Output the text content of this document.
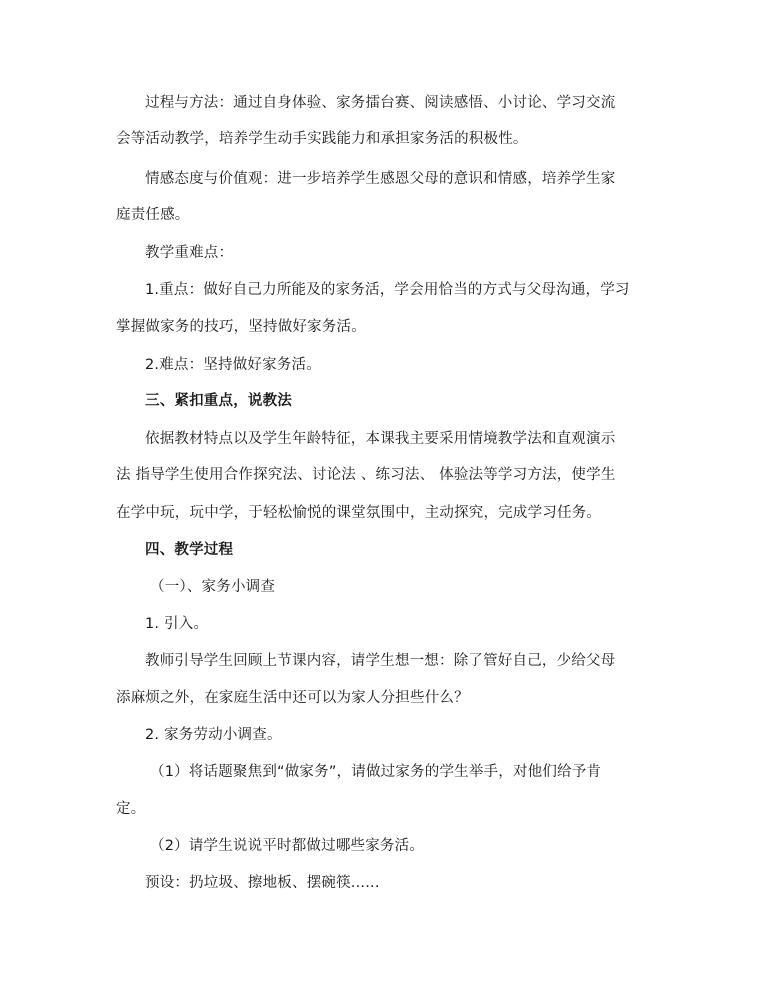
过程与方法：通过自身体验、家务擂台赛、阅读感悟、小讨论、学习交流
会等活动教学，培养学生动手实践能力和承担家务活的积极性。
情感态度与价值观：进一步培养学生感恩父母的意识和情感，培养学生家
庭责任感。
教学重难点：
1.重点：做好自己力所能及的家务活，学会用恰当的方式与父母沟通，学习
掌握做家务的技巧，坚持做好家务活。
2.难点：坚持做好家务活。
三、紧扣重点，说教法
依据教材特点以及学生年龄特征，本课我主要采用情境教学法和直观演示
法 指导学生使用合作探究法、讨论法 、练习法、 体验法等学习方法，使学生
在学中玩，玩中学，于轻松愉悦的课堂氛围中，主动探究，完成学习任务。
四、教学过程
（一）、家务小调查
1. 引入。
教师引导学生回顾上节课内容，请学生想一想：除了管好自己，少给父母
添麻烦之外，在家庭生活中还可以为家人分担些什么？
2. 家务劳动小调查。
（1）将话题聚焦到“做家务”，请做过家务的学生举手，对他们给予肯
定。
（2）请学生说说平时都做过哪些家务活。
预设：扔垃圾、擦地板、摆碗筷......
